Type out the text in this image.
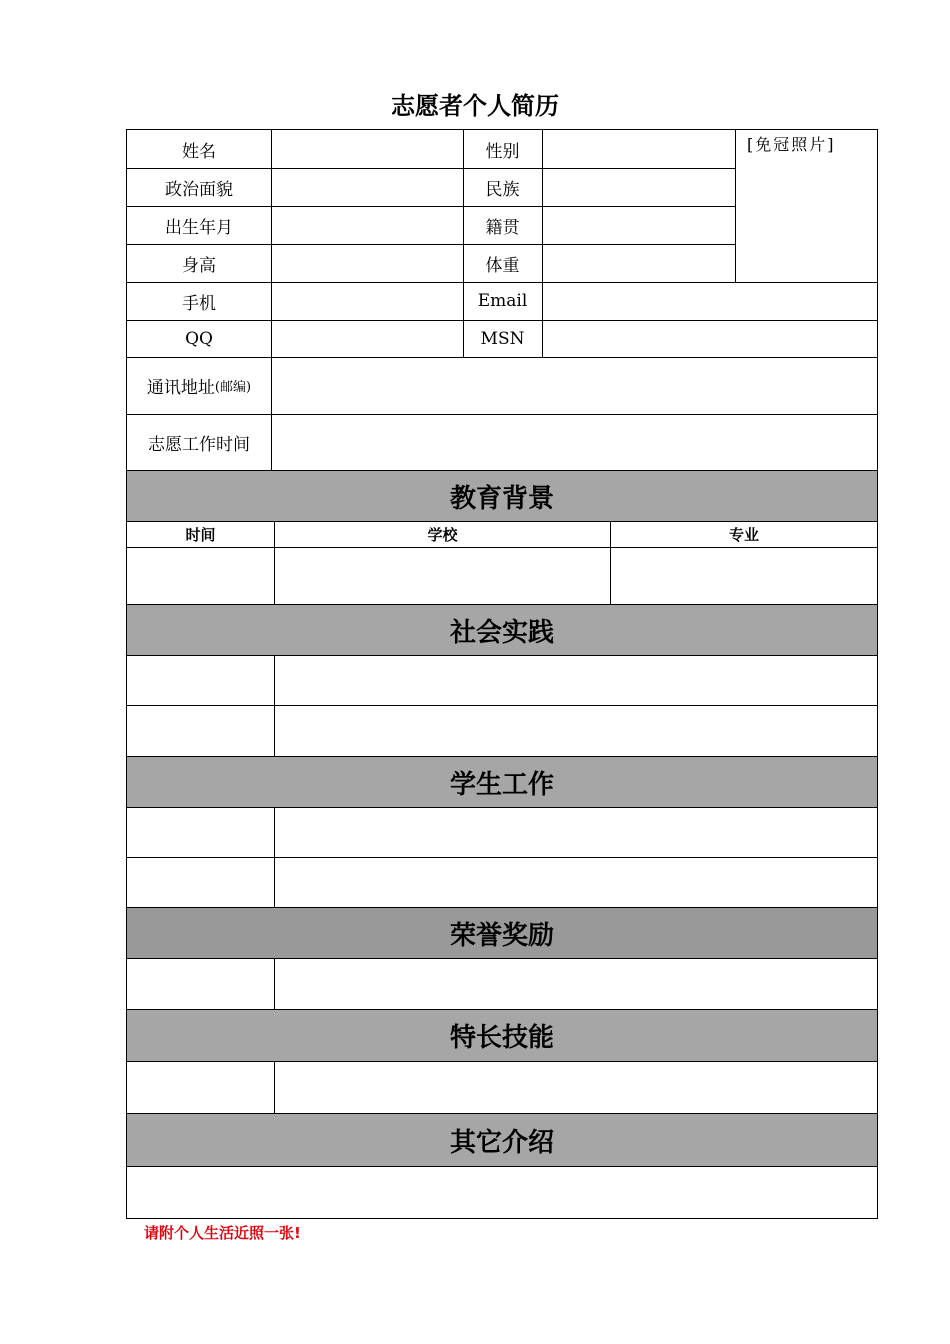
志愿者个人简历
姓名	性别	[免冠照片]
政治面貌	民族
出生年月	籍贯
身高	体重
手机	Email
QQ	MSN
通讯地址 (邮编)
志愿工作时间
教育背景
时间	学校	专业
社会实践
学生工作
荣誉奖励
特长技能
其它介绍
请附个人生活近照一张!
